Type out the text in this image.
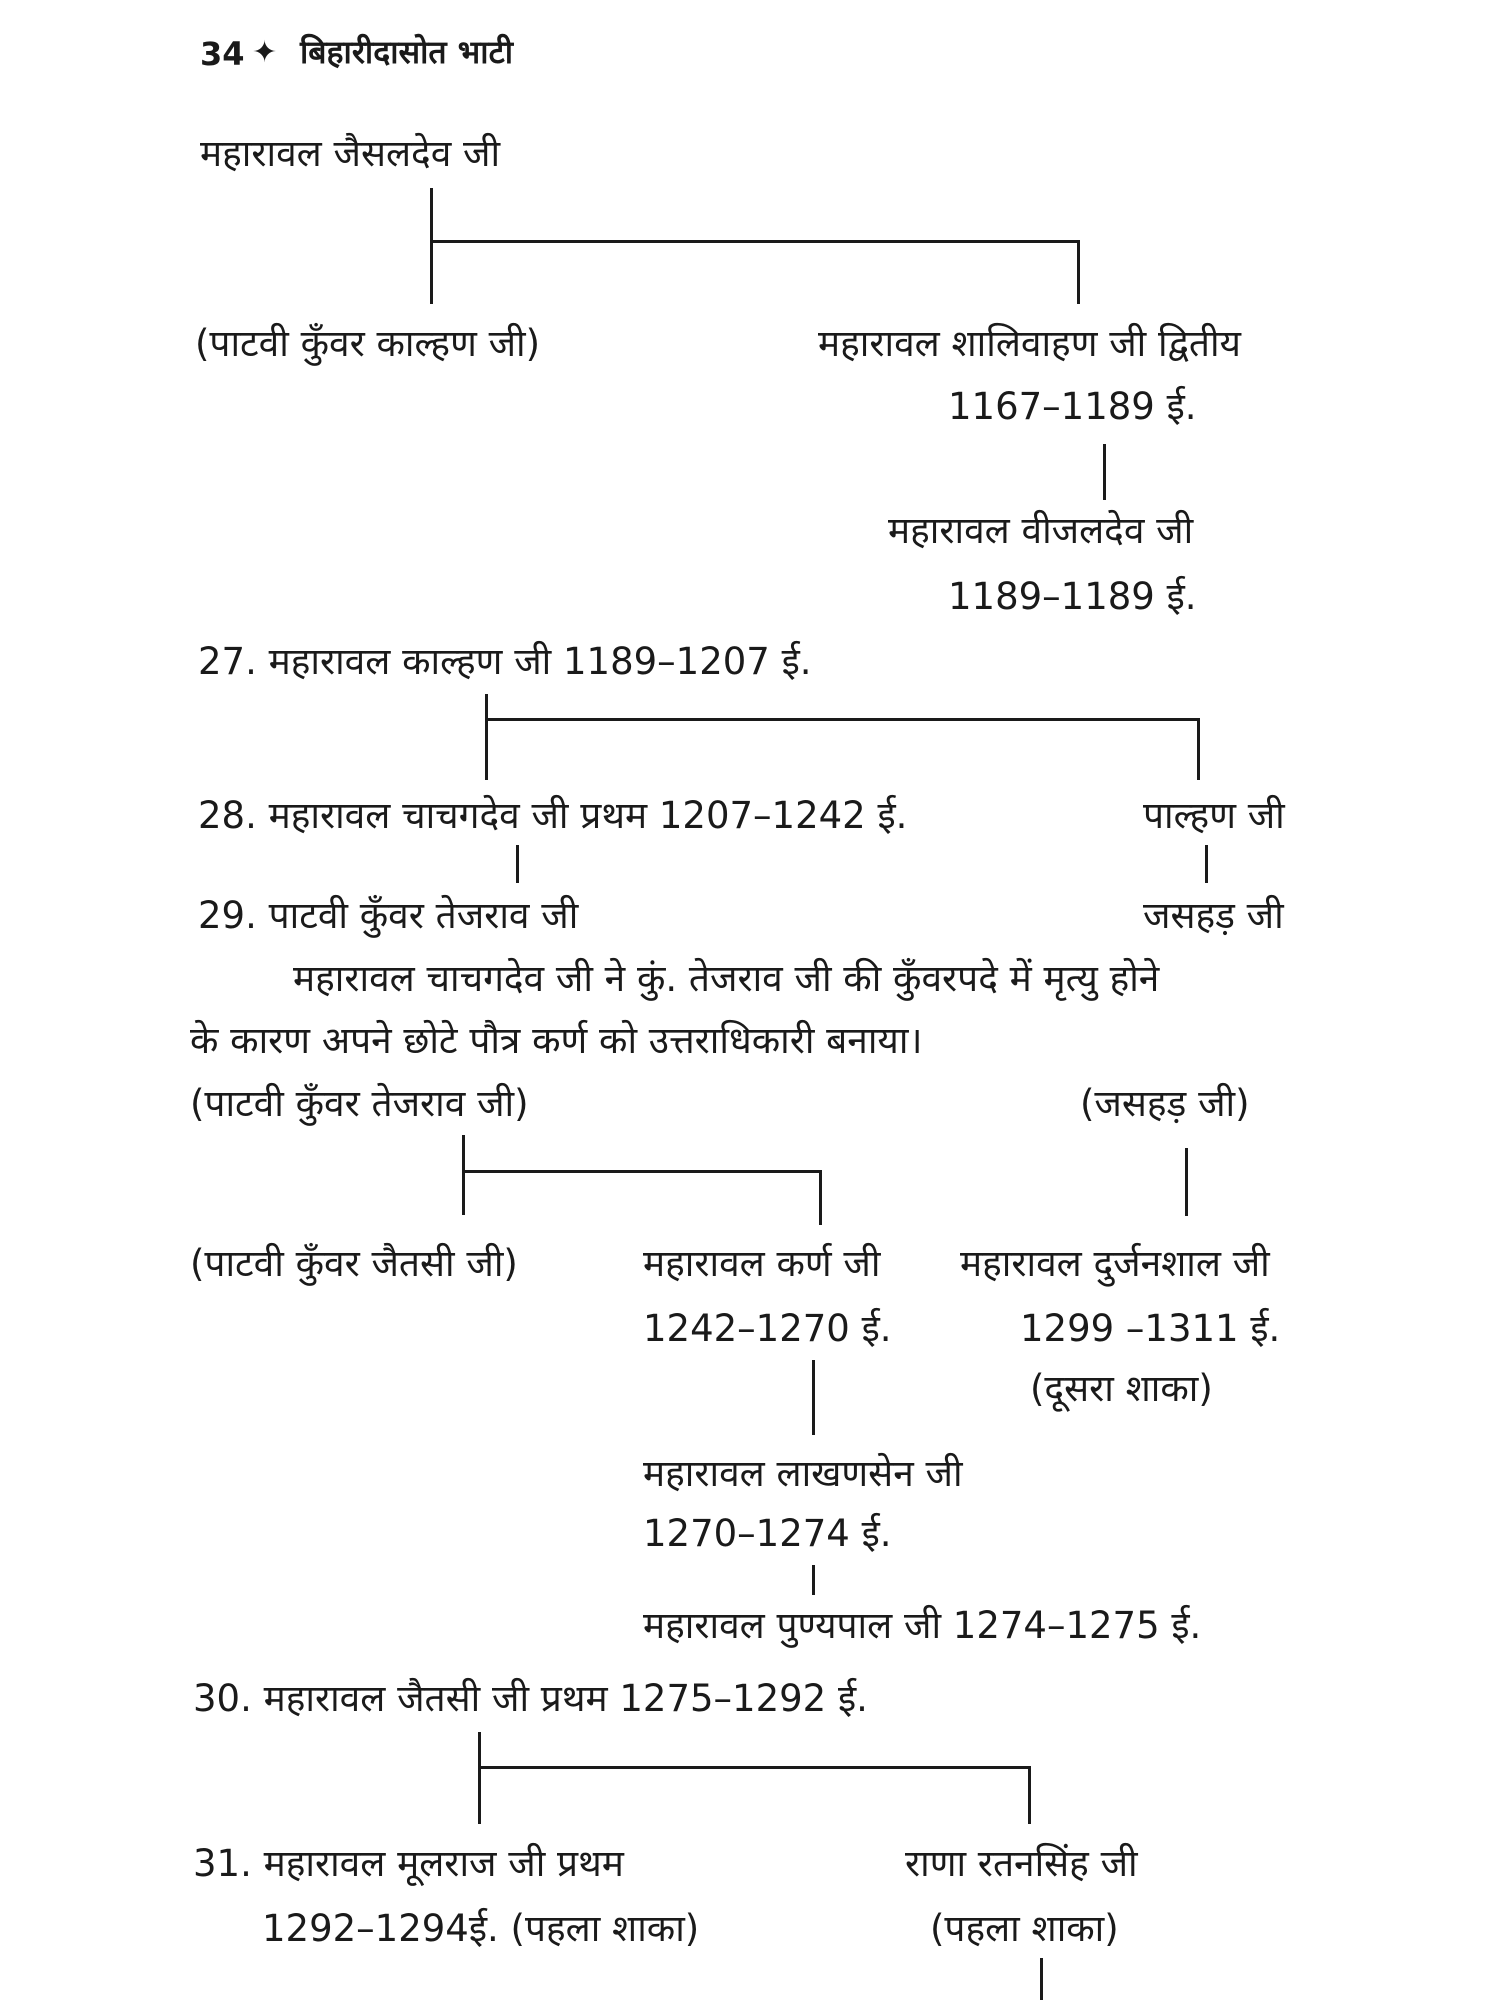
34 ✦ बिहारीदासोत भाटी
महारावल जैसलदेव जी
(पाटवी कुँवर काल्हण जी)	महारावल शालिवाहण जी द्वितीय
1167–1189 ई.
महारावल वीजलदेव जी
1189–1189 ई.
27. महारावल काल्हण जी 1189–1207 ई.
28. महारावल चाचगदेव जी प्रथम 1207–1242 ई.	पाल्हण जी
29. पाटवी कुँवर तेजराव जी	जसहड़ जी
महारावल चाचगदेव जी ने कुं. तेजराव जी की कुँवरपदे में मृत्यु होने
के कारण अपने छोटे पौत्र कर्ण को उत्तराधिकारी बनाया।
(पाटवी कुँवर तेजराव जी)	(जसहड़ जी)
(पाटवी कुँवर जैतसी जी)	महारावल कर्ण जी महारावल दुर्जनशाल जी
1242–1270 ई.	1299 –1311 ई.
(दूसरा शाका)
महारावल लाखणसेन जी
1270–1274 ई.
महारावल पुण्यपाल जी 1274–1275 ई.
30. महारावल जैतसी जी प्रथम 1275–1292 ई.
31. महारावल मूलराज जी प्रथम	राणा रतनसिंह जी
1292–1294ई. (पहला शाका)	(पहला शाका)
